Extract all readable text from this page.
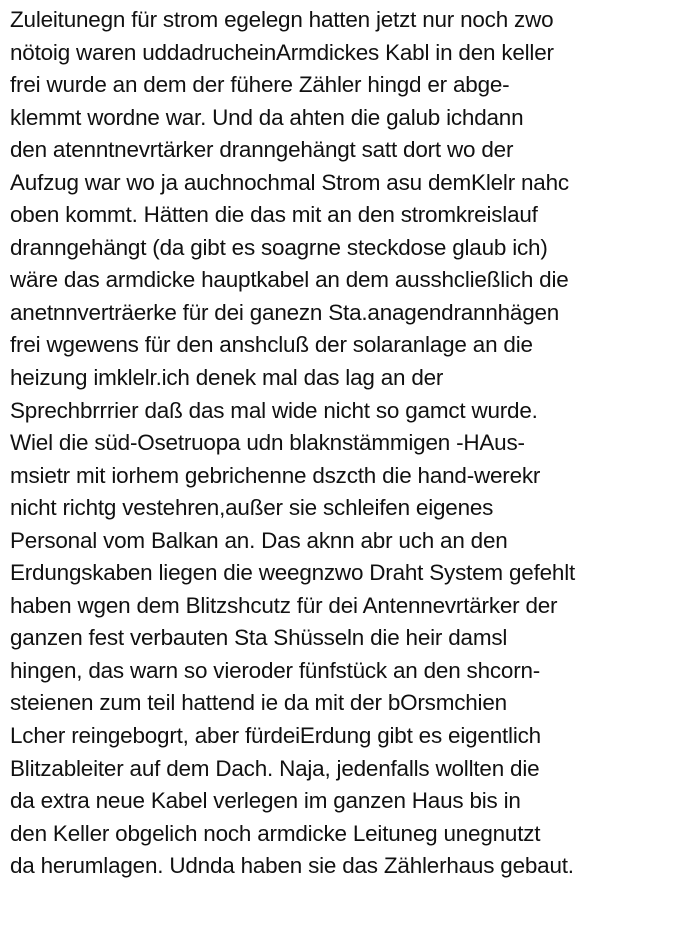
Zuleitunegn für strom egelegn hatten jetzt nur noch zwo
nötoig waren uddadrucheinArmdickes Kabl in den keller
frei wurde an dem der fühere Zähler hingd er abge-
klemmt wordne war. Und da ahten die galub ichdann
den atenntnevrtärker dranngehängt satt dort wo der
Aufzug war wo ja auchnochmal Strom asu demKlelr nahc
oben kommt. Hätten die das mit an den stromkreislauf
dranngehängt (da gibt es soagrne steckdose glaub ich)
wäre das armdicke hauptkabel an dem ausshcließlich die
anetnnverträerke für dei ganezn Sta.anagendrannhägen
frei wgewens für den anshcluß der solaranlage an die
heizung imklelr.ich denek mal das lag an der
Sprechbrrrier daß das mal wide nicht so gamct wurde.
Wiel die süd-Osetruopa udn blaknstämmigen -HAus-
msietr mit iorhem gebrichenne dszcth die hand-werekr
nicht richtg vestehren,außer sie schleifen eigenes
Personal vom Balkan an. Das aknn abr uch an den
Erdungskaben liegen die weegnzwo Draht System gefehlt
haben wgen dem Blitzshcutz für dei Antennevrtärker der
ganzen fest verbauten Sta Shüsseln die heir damsl
hingen, das warn so vieroder fünfstück an den shcorn-
steienen zum teil hattend ie da mit der bOrsmchien
Lcher reingebogrt, aber fürdeiErdung gibt es eigentlich
Blitzableiter auf dem Dach. Naja, jedenfalls wollten die
da extra neue Kabel verlegen im ganzen Haus bis in
den Keller obgelich noch armdicke Leituneg unegnutzt
da herumlagen. Udnda haben sie das Zählerhaus gebaut.
